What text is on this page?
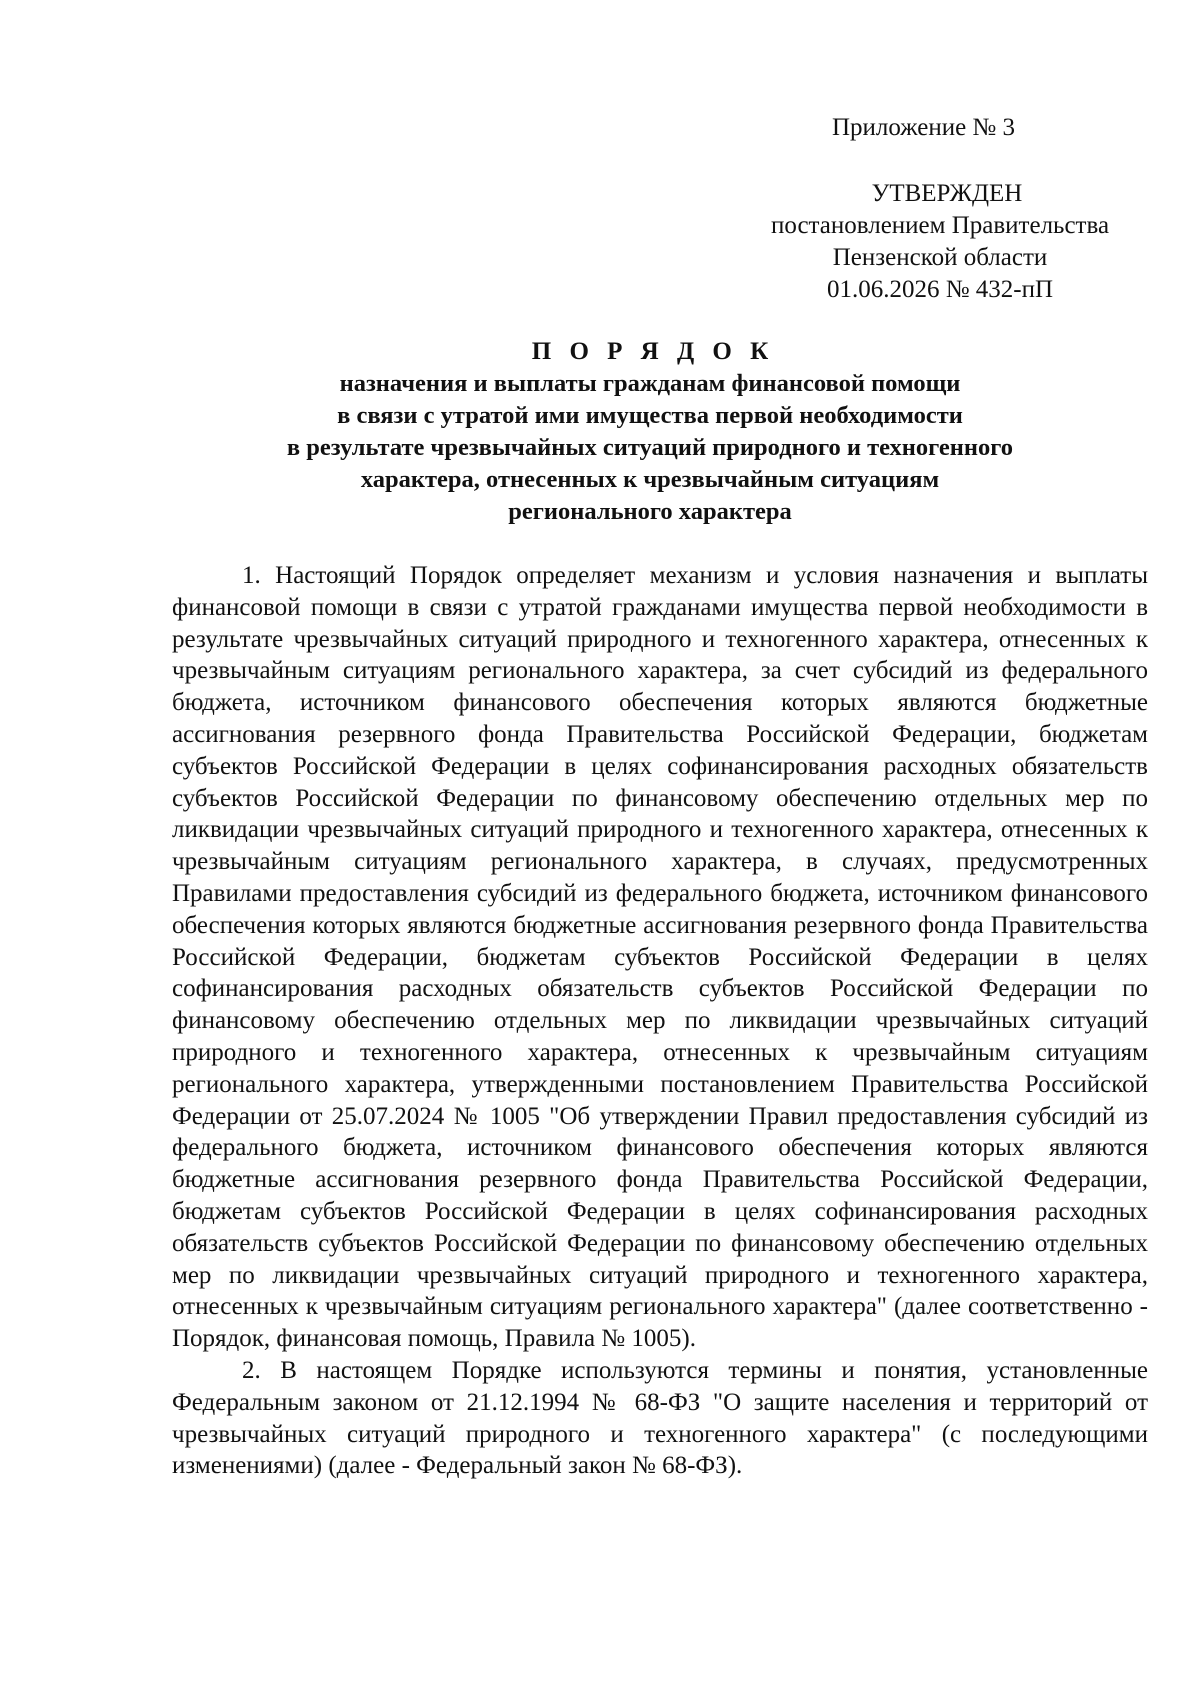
Приложение № 3
УТВЕРЖДЕН
постановлением Правительства
Пензенской области
01.06.2026 № 432-пП
П О Р Я Д О К
назначения и выплаты гражданам финансовой помощи
в связи с утратой ими имущества первой необходимости
в результате чрезвычайных ситуаций природного и техногенного
характера, отнесенных к чрезвычайным ситуациям
регионального характера

1. Настоящий Порядок определяет механизм и условия назначения и выплаты финансовой помощи в связи с утратой гражданами имущества первой необходимости в результате чрезвычайных ситуаций природного и техногенного характера, отнесенных к чрезвычайным ситуациям регионального характера, за счет субсидий из федерального бюджета, источником финансового обеспечения которых являются бюджетные ассигнования резервного фонда Правительства Российской Федерации, бюджетам субъектов Российской Федерации в целях софинансирования расходных обязательств субъектов Российской Федерации по финансовому обеспечению отдельных мер по ликвидации чрезвычайных ситуаций природного и техногенного характера, отнесенных к чрезвычайным ситуациям регионального характера, в случаях, предусмотренных Правилами предоставления субсидий из федерального бюджета, источником финансового обеспечения которых являются бюджетные ассигнования резервного фонда Правительства Российской Федерации, бюджетам субъектов Российской Федерации в целях софинансирования расходных обязательств субъектов Российской Федерации по финансовому обеспечению отдельных мер по ликвидации чрезвычайных ситуаций природного и техногенного характера, отнесенных к чрезвычайным ситуациям регионального характера, утвержденными постановлением Правительства Российской Федерации от 25.07.2024 № 1005 "Об утверждении Правил предоставления субсидий из федерального бюджета, источником финансового обеспечения которых являются бюджетные ассигнования резервного фонда Правительства Российской Федерации, бюджетам субъектов Российской Федерации в целях софинансирования расходных обязательств субъектов Российской Федерации по финансовому обеспечению отдельных мер по ликвидации чрезвычайных ситуаций природного и техногенного характера, отнесенных к чрезвычайным ситуациям регионального характера" (далее соответственно - Порядок, финансовая помощь, Правила № 1005).

2. В настоящем Порядке используются термины и понятия, установленные Федеральным законом от 21.12.1994 № 68-ФЗ "О защите населения и территорий от чрезвычайных ситуаций природного и техногенного характера" (с последующими изменениями) (далее - Федеральный закон № 68-ФЗ).
